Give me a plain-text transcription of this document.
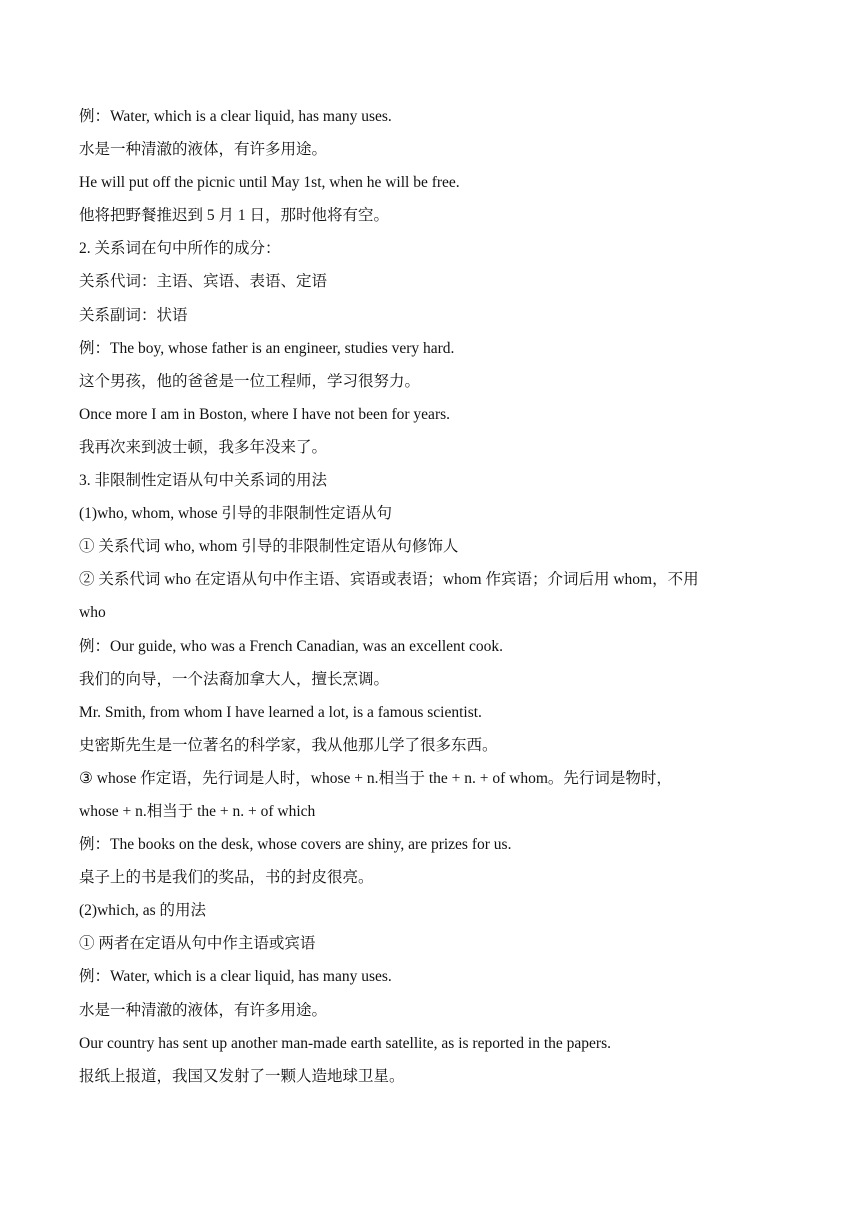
例：Water, which is a clear liquid, has many uses.
水是一种清澈的液体，有许多用途。
He will put off the picnic until May 1st, when he will be free.
他将把野餐推迟到 5 月 1 日，那时他将有空。
2. 关系词在句中所作的成分：
关系代词：主语、宾语、表语、定语
关系副词：状语
例：The boy, whose father is an engineer, studies very hard.
这个男孩，他的爸爸是一位工程师，学习很努力。
Once more I am in Boston, where I have not been for years.
我再次来到波士顿，我多年没来了。
3. 非限制性定语从句中关系词的用法
(1)who, whom, whose 引导的非限制性定语从句
① 关系代词 who, whom 引导的非限制性定语从句修饰人
② 关系代词 who 在定语从句中作主语、宾语或表语；whom 作宾语；介词后用 whom，不用
who
例：Our guide, who was a French Canadian, was an excellent cook.
我们的向导，一个法裔加拿大人，擅长烹调。
Mr. Smith, from whom I have learned a lot, is a famous scientist.
史密斯先生是一位著名的科学家，我从他那儿学了很多东西。
③ whose 作定语，先行词是人时，whose + n.相当于 the + n. + of whom。先行词是物时，
whose + n.相当于 the + n. + of which
例：The books on the desk, whose covers are shiny, are prizes for us.
桌子上的书是我们的奖品，书的封皮很亮。
(2)which, as 的用法
① 两者在定语从句中作主语或宾语
例：Water, which is a clear liquid, has many uses.
水是一种清澈的液体，有许多用途。
Our country has sent up another man-made earth satellite, as is reported in the papers.
报纸上报道，我国又发射了一颗人造地球卫星。
